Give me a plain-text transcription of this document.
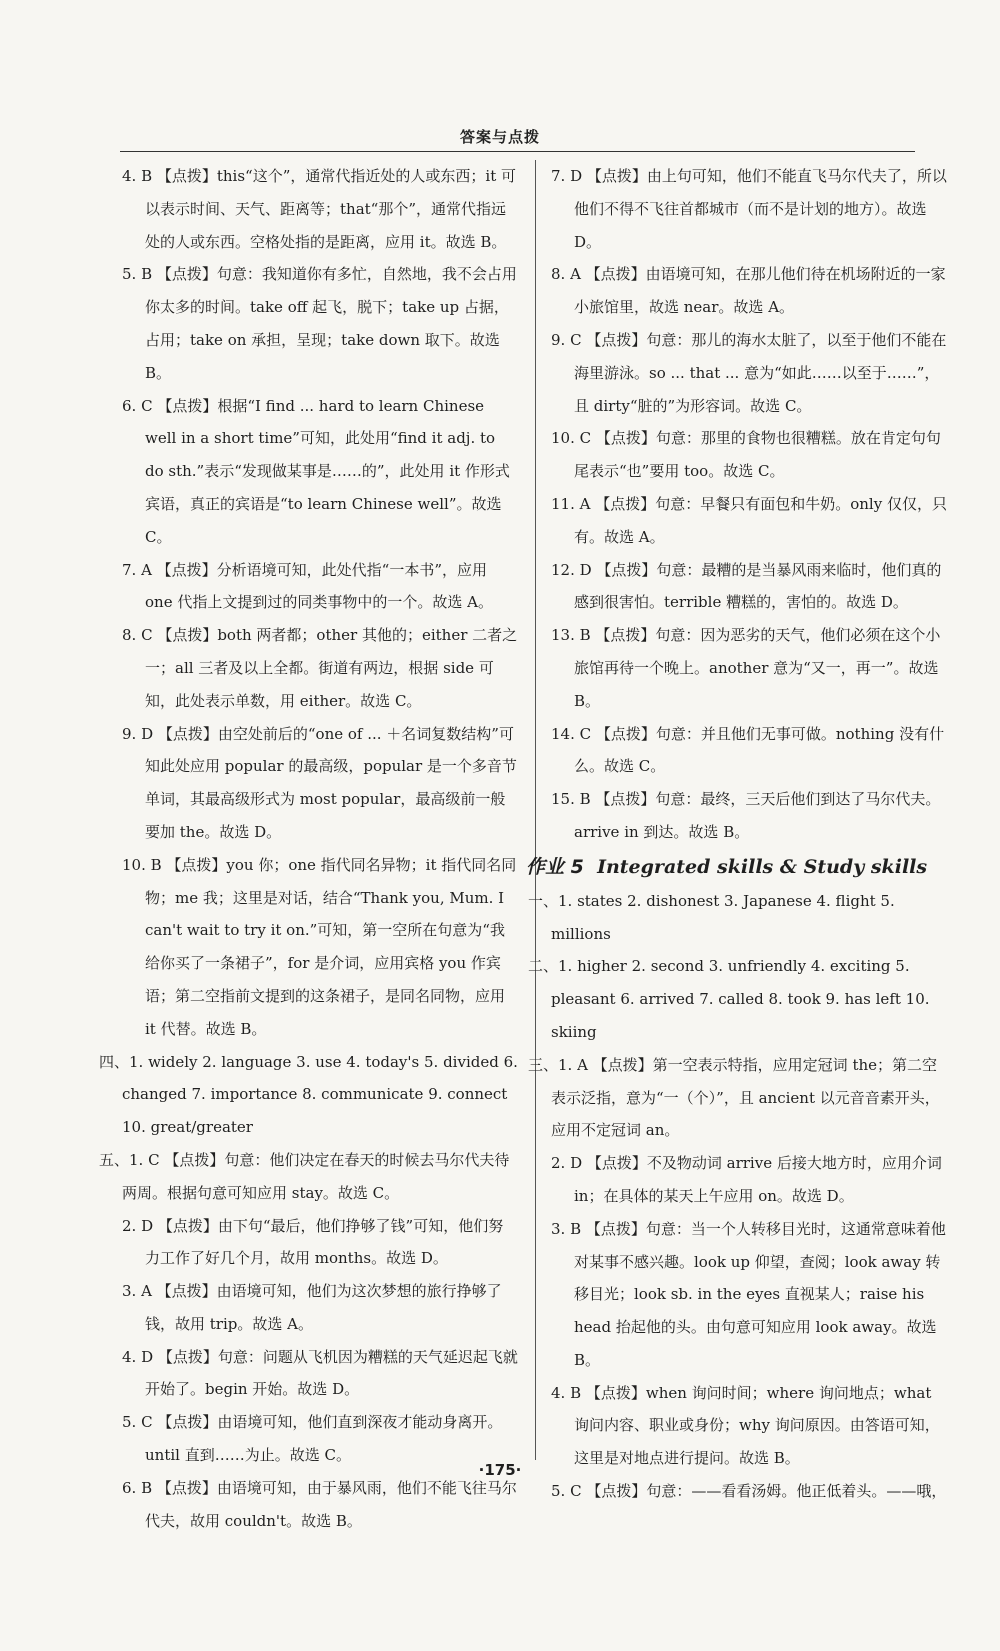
答案与点拨
4. B 【点拨】this“这个”，通常代指近处的人或东西；it 可以表示时间、天气、距离等；that“那个”，通常代指远处的人或东西。空格处指的是距离，应用 it。故选 B。
5. B 【点拨】句意：我知道你有多忙，自然地，我不会占用你太多的时间。take off 起飞，脱下；take up 占据，占用；take on 承担，呈现；take down 取下。故选 B。
6. C 【点拨】根据“I find ... hard to learn Chinese well in a short time”可知，此处用“find it adj. to do sth.”表示“发现做某事是……的”，此处用 it 作形式宾语，真正的宾语是“to learn Chinese well”。故选 C。
7. A 【点拨】分析语境可知，此处代指“一本书”，应用 one 代指上文提到过的同类事物中的一个。故选 A。
8. C 【点拨】both 两者都；other 其他的；either 二者之一；all 三者及以上全都。街道有两边，根据 side 可知，此处表示单数，用 either。故选 C。
9. D 【点拨】由空处前后的“one of ... ＋名词复数结构”可知此处应用 popular 的最高级，popular 是一个多音节单词，其最高级形式为 most popular，最高级前一般要加 the。故选 D。
10. B 【点拨】you 你；one 指代同名异物；it 指代同名同物；me 我；这里是对话，结合“Thank you, Mum. I can't wait to try it on.”可知，第一空所在句意为“我给你买了一条裙子”，for 是介词，应用宾格 you 作宾语；第二空指前文提到的这条裙子，是同名同物，应用 it 代替。故选 B。
四、1. widely 2. language 3. use 4. today's 5. divided 6. changed 7. importance 8. communicate 9. connect 10. great/greater
五、1. C 【点拨】句意：他们决定在春天的时候去马尔代夫待两周。根据句意可知应用 stay。故选 C。
2. D 【点拨】由下句“最后，他们挣够了钱”可知，他们努力工作了好几个月，故用 months。故选 D。
3. A 【点拨】由语境可知，他们为这次梦想的旅行挣够了钱，故用 trip。故选 A。
4. D 【点拨】句意：问题从飞机因为糟糕的天气延迟起飞就开始了。begin 开始。故选 D。
5. C 【点拨】由语境可知，他们直到深夜才能动身离开。until 直到……为止。故选 C。
6. B 【点拨】由语境可知，由于暴风雨，他们不能飞往马尔代夫，故用 couldn't。故选 B。
7. D 【点拨】由上句可知，他们不能直飞马尔代夫了，所以他们不得不飞往首都城市（而不是计划的地方）。故选 D。
8. A 【点拨】由语境可知，在那儿他们待在机场附近的一家小旅馆里，故选 near。故选 A。
9. C 【点拨】句意：那儿的海水太脏了，以至于他们不能在海里游泳。so ... that ... 意为“如此……以至于……”，且 dirty“脏的”为形容词。故选 C。
10. C 【点拨】句意：那里的食物也很糟糕。放在肯定句句尾表示“也”要用 too。故选 C。
11. A 【点拨】句意：早餐只有面包和牛奶。only 仅仅，只有。故选 A。
12. D 【点拨】句意：最糟的是当暴风雨来临时，他们真的感到很害怕。terrible 糟糕的，害怕的。故选 D。
13. B 【点拨】句意：因为恶劣的天气，他们必须在这个小旅馆再待一个晚上。another 意为“又一，再一”。故选 B。
14. C 【点拨】句意：并且他们无事可做。nothing 没有什么。故选 C。
15. B 【点拨】句意：最终，三天后他们到达了马尔代夫。arrive in 到达。故选 B。
作业 5 Integrated skills & Study skills
一、1. states 2. dishonest 3. Japanese 4. flight 5. millions
二、1. higher 2. second 3. unfriendly 4. exciting 5. pleasant 6. arrived 7. called 8. took 9. has left 10. skiing
三、1. A 【点拨】第一空表示特指，应用定冠词 the；第二空表示泛指，意为“一（个）”，且 ancient 以元音音素开头，应用不定冠词 an。
2. D 【点拨】不及物动词 arrive 后接大地方时，应用介词 in；在具体的某天上午应用 on。故选 D。
3. B 【点拨】句意：当一个人转移目光时，这通常意味着他对某事不感兴趣。look up 仰望，查阅；look away 转移目光；look sb. in the eyes 直视某人；raise his head 抬起他的头。由句意可知应用 look away。故选 B。
4. B 【点拨】when 询问时间；where 询问地点；what 询问内容、职业或身份；why 询问原因。由答语可知，这里是对地点进行提问。故选 B。
5. C 【点拨】句意：——看看汤姆。他正低着头。——哦，
·175·
